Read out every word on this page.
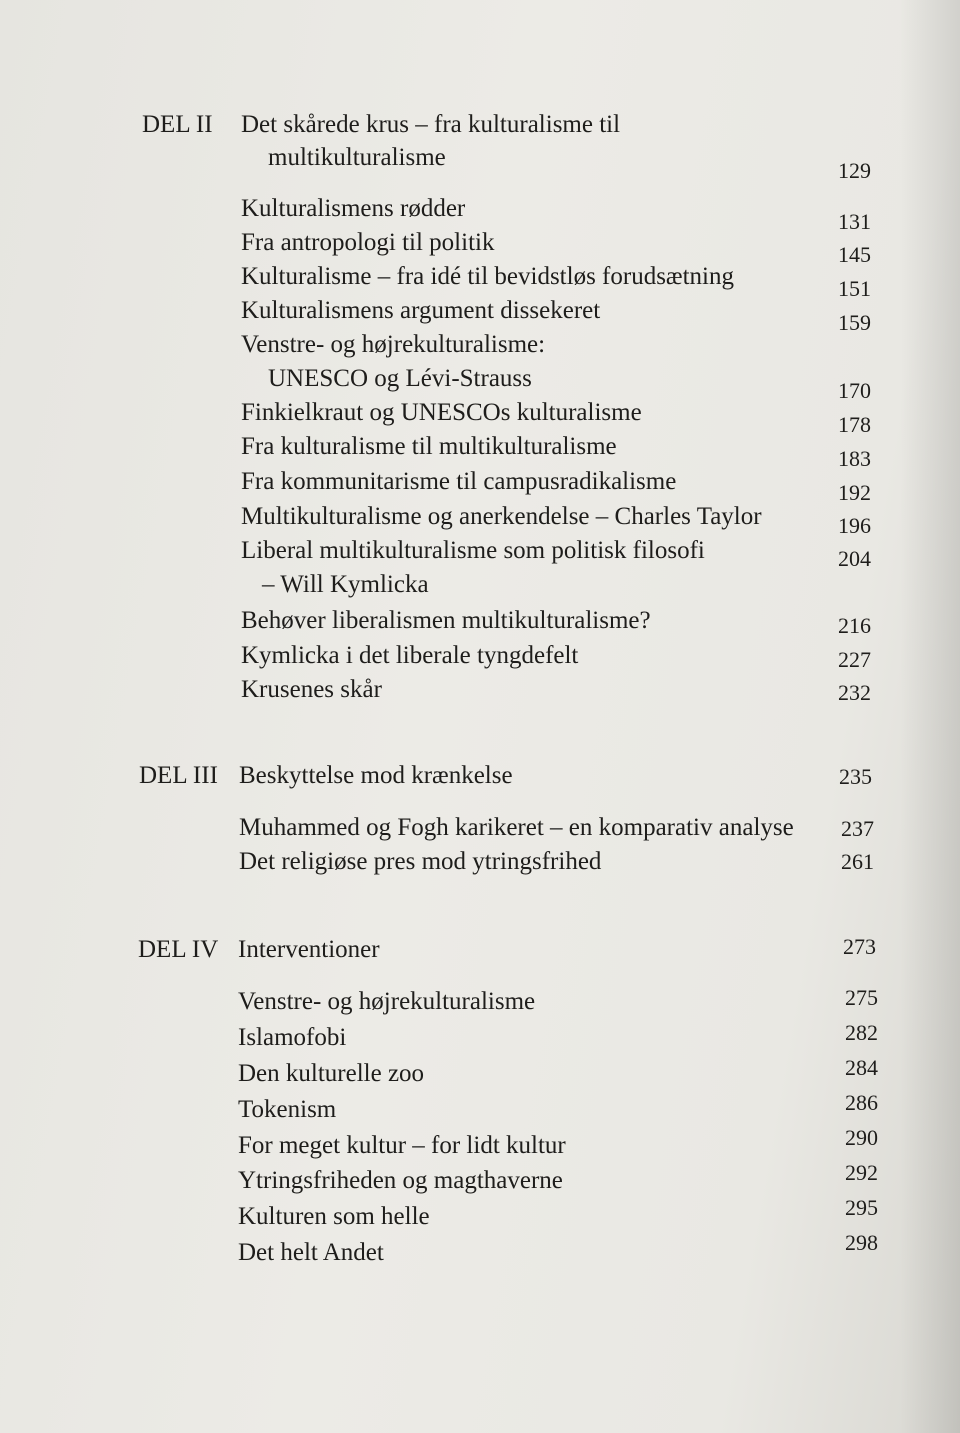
DEL II Det skårede krus – fra kulturalisme til
multikulturalisme	129
Kulturalismens rødder	131
Fra antropologi til politik	145
Kulturalisme – fra idé til bevidstløs forudsætning	151
Kulturalismens argument dissekeret	159
Venstre- og højrekulturalisme:
UNESCO og Lévi-Strauss	170
Finkielkraut og UNESCOs kulturalisme	178
Fra kulturalisme til multikulturalisme	183
Fra kommunitarisme til campusradikalisme	192
Multikulturalisme og anerkendelse – Charles Taylor	196
Liberal multikulturalisme som politisk filosofi
– Will Kymlicka
204
Behøver liberalismen multikulturalisme?	216
Kymlicka i det liberale tyngdefelt	227
Krusenes skår	232
DEL III Beskyttelse mod krænkelse	235
Muhammed og Fogh karikeret – en komparativ analyse 237
Det religiøse pres mod ytringsfrihed	261
DEL IV Interventioner	273
Venstre- og højrekulturalisme	275
Islamofobi	282
Den kulturelle zoo	284
Tokenism	286
For meget kultur – for lidt kultur	290
Ytringsfriheden og magthaverne	292
Kulturen som helle	295
Det helt Andet	298
